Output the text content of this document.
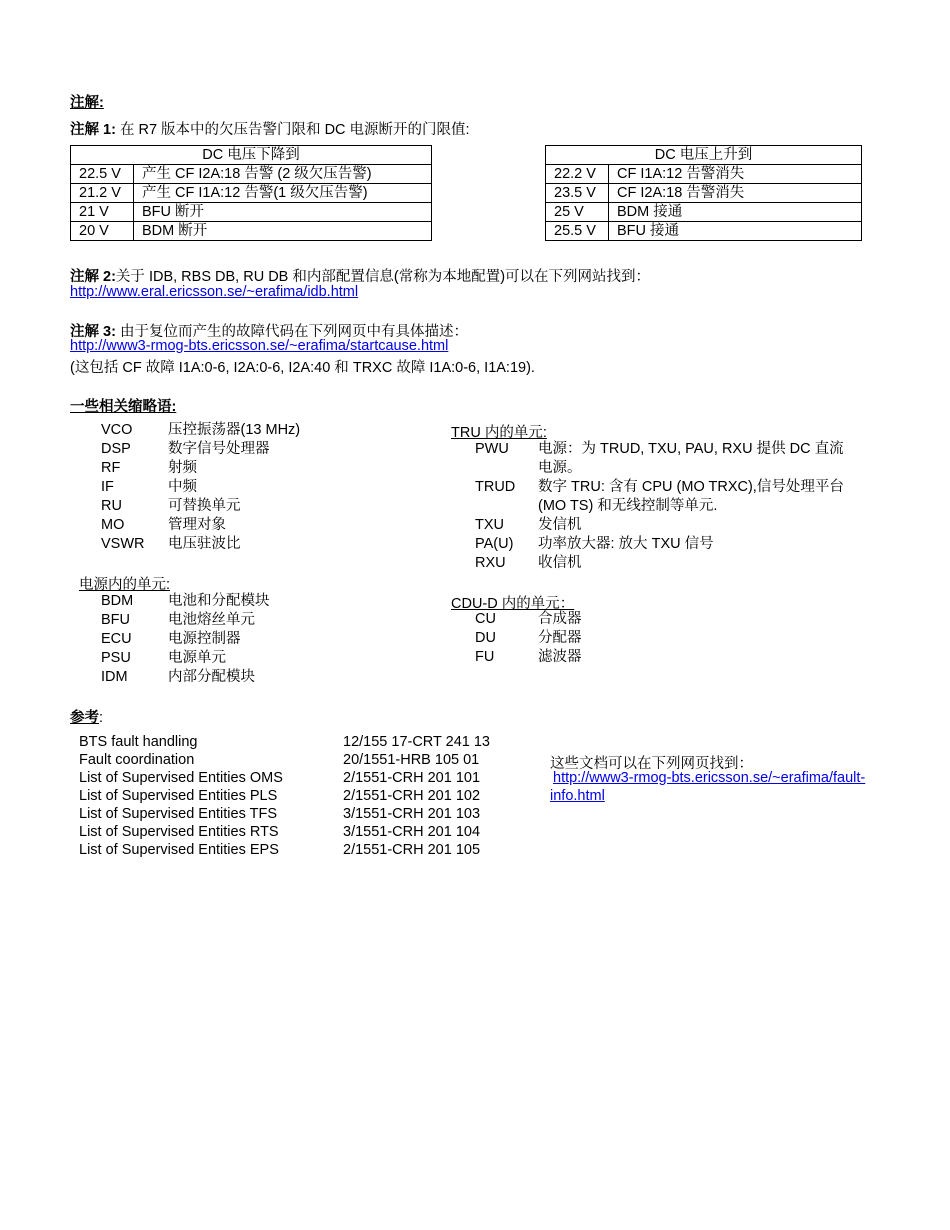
注解:
注解 1: 在 R7 版本中的欠压告警门限和 DC 电源断开的门限值:
DC 电压下降到	
22.5 V	产生 CF I2A:18 告警 (2 级欠压告警)
21.2 V	产生 CF I1A:12 告警(1 级欠压告警)
21 V	BFU 断开
20 V	BDM 断开
DC 电压上升到	
22.2 V	CF I1A:12 告警消失
23.5 V	CF I2A:18 告警消失
25 V	BDM 接通
25.5 V	BFU 接通
注解 2:关于 IDB, RBS DB, RU DB 和内部配置信息(常称为本地配置)可以在下列网站找到：
http://www.eral.ericsson.se/~erafima/idb.html
注解 3: 由于复位而产生的故障代码在下列网页中有具体描述：
http://www3-rmog-bts.ericsson.se/~erafima/startcause.html
(这包括 CF 故障 I1A:0-6, I2A:0-6, I2A:40 和 TRXC 故障 I1A:0-6, I1A:19).
一些相关缩略语:
VCO 压控振荡器(13 MHz)
DSP	数字信号处理器
RF	射频
IF	中频
RU	可替换单元
MO	管理对象
VSWR 电压驻波比
电源内的单元:
BDM 电池和分配模块
BFU	电池熔丝单元
ECU	电源控制器
PSU	电源单元
IDM	内部分配模块
TRU 内的单元:
PWU 电源：为 TRUD, TXU, PAU, RXU 提供 DC 直流电源。
TRUD 数字 TRU: 含有 CPU (MO TRXC),信号处理平台(MO TS) 和无线控制等单元.
TXU 发信机
PA(U) 功率放大器: 放大 TXU 信号
RXU 收信机
CDU-D 内的单元：
CU	合成器
DU	分配器
FU	滤波器
参考:
BTS fault handling	12/155 17-CRT 241 13
Fault coordination	20/1551-HRB 105 01
List of Supervised Entities OMS	2/1551-CRH 201 101
List of Supervised Entities PLS	2/1551-CRH 201 102
List of Supervised Entities TFS	3/1551-CRH 201 103
List of Supervised Entities RTS	3/1551-CRH 201 104
List of Supervised Entities EPS	2/1551-CRH 201 105
这些文档可以在下列网页找到：
http://www3-rmog-bts.ericsson.se/~erafima/fault-
info.html
